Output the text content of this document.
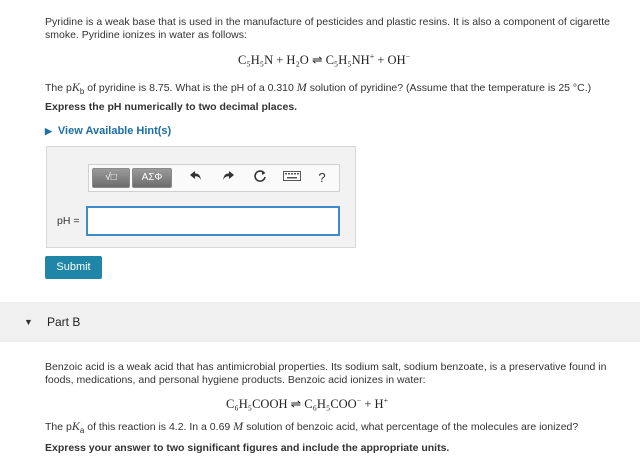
Pyridine is a weak base that is used in the manufacture of pesticides and plastic resins. It is also a component of cigarette
smoke. Pyridine ionizes in water as follows:
C₅H₅N + H₂O ⇌ C₅H₅NH+ + OH−
The $pK_b$ of pyridine is 8.75. What is the pH of a 0.310 M solution of pyridine? (Assume that the temperature is 25 °C.)
Express the pH numerically to two decimal places.
▶ View Available Hint(s)
√□	ΑΣΦ	?
pH =
Submit
▼ Part B
Benzoic acid is a weak acid that has antimicrobial properties. Its sodium salt, sodium benzoate, is a preservative found in
foods, medications, and personal hygiene products. Benzoic acid ionizes in water:
C₆H₅COOH ⇌ C₆H₅COO− + H+
The $pK_a$ of this reaction is 4.2. In a 0.69 M solution of benzoic acid, what percentage of the molecules are ionized?
Express your answer to two significant figures and include the appropriate units.
